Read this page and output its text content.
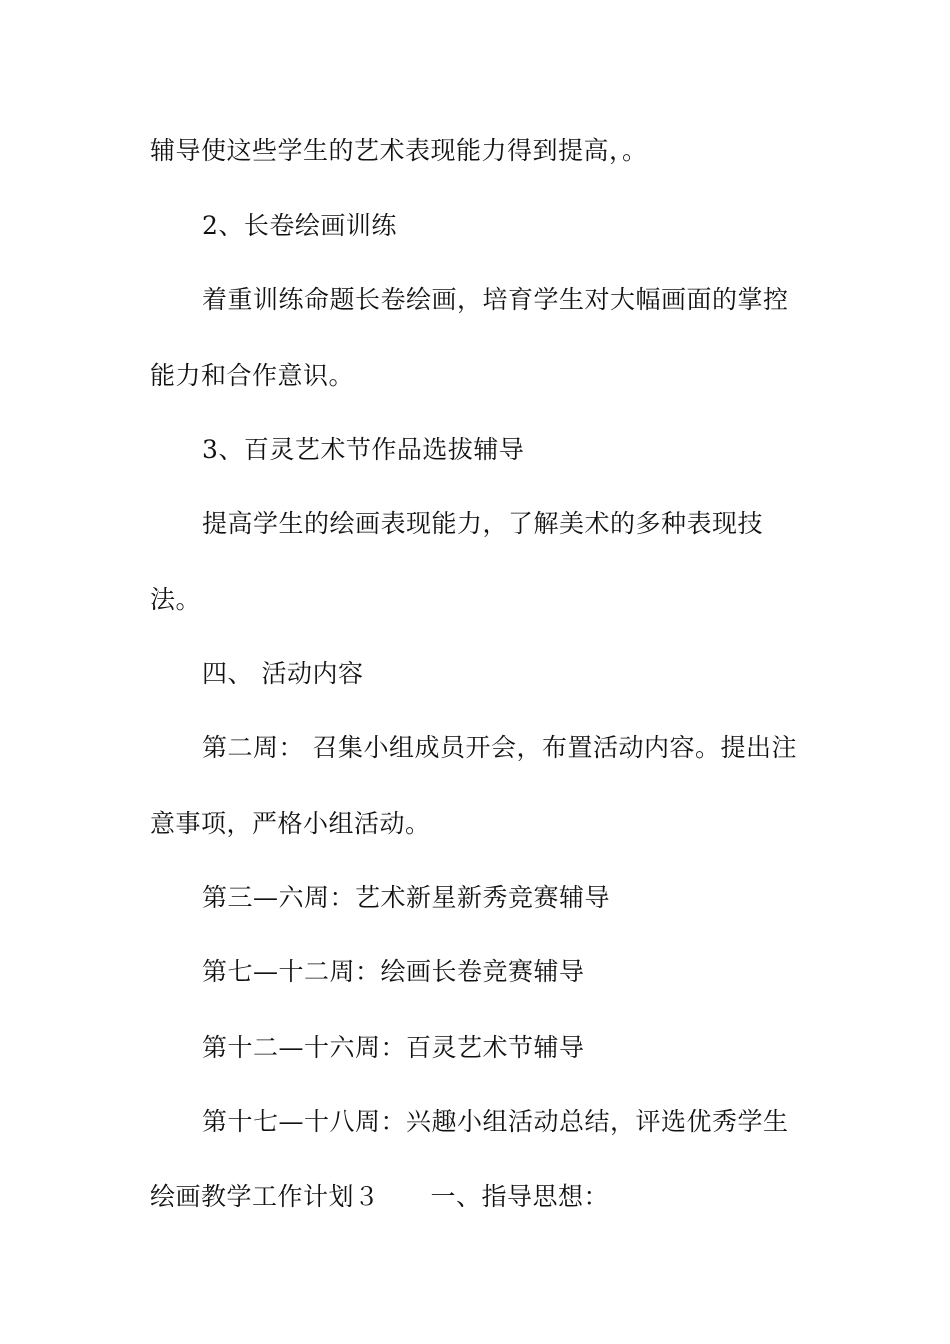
辅导使这些学生的艺术表现能力得到提高，。
2、长卷绘画训练
着重训练命题长卷绘画，培育学生对大幅画面的掌控
能力和合作意识。
3、百灵艺术节作品选拔辅导
提高学生的绘画表现能力，了解美术的多种表现技
法。
四、 活动内容
第二周： 召集小组成员开会，布置活动内容。提出注
意事项，严格小组活动。
第三—六周：艺术新星新秀竞赛辅导
第七—十二周：绘画长卷竞赛辅导
第十二—十六周：百灵艺术节辅导
第十七—十八周：兴趣小组活动总结，评选优秀学生
绘画教学工作计划３　　一、指导思想：
